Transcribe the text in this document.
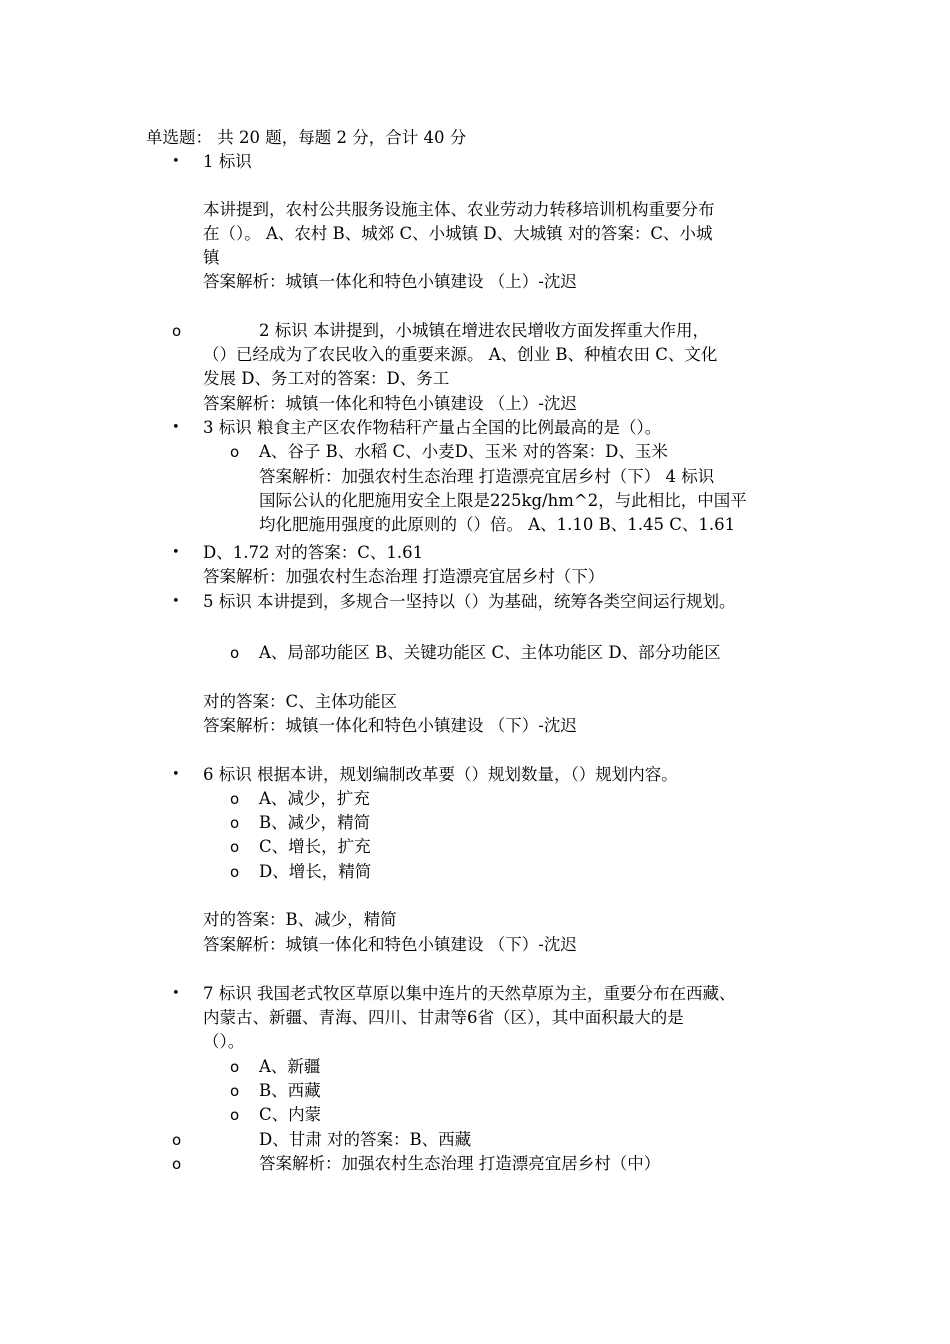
单选题： 共 20 题，每题 2 分，合计 40 分
• 1 标识
本讲提到，农村公共服务设施主体、农业劳动力转移培训机构重要分布
在（）。 A、农村 B、城郊 C、小城镇 D、大城镇 对的答案：C、小城
镇
答案解析：城镇一体化和特色小镇建设 （上）-沈迟
o	2 标识 本讲提到，小城镇在增进农民增收方面发挥重大作用，
（）已经成为了农民收入的重要来源。 A、创业 B、种植农田 C、文化
发展 D、务工对的答案：D、务工
答案解析：城镇一体化和特色小镇建设 （上）-沈迟
• 3 标识 粮食主产区农作物秸秆产量占全国的比例最高的是（）。
o A、谷子 B、水稻 C、小麦D、玉米 对的答案：D、玉米
答案解析：加强农村生态治理 打造漂亮宜居乡村（下） 4 标识
国际公认的化肥施用安全上限是225kg/hm^2，与此相比，中国平
均化肥施用强度的此原则的（）倍。 A、1.10 B、1.45 C、1.61
• D、1.72 对的答案：C、1.61
答案解析：加强农村生态治理 打造漂亮宜居乡村（下）
• 5 标识 本讲提到，多规合一坚持以（）为基础，统筹各类空间运行规划。
o A、局部功能区 B、关键功能区 C、主体功能区 D、部分功能区
对的答案：C、主体功能区
答案解析：城镇一体化和特色小镇建设 （下）-沈迟
• 6 标识 根据本讲，规划编制改革要（）规划数量，（）规划内容。
o A、减少，扩充
o B、减少，精简
o C、增长，扩充
o D、增长，精简
对的答案：B、减少，精简
答案解析：城镇一体化和特色小镇建设 （下）-沈迟
• 7 标识 我国老式牧区草原以集中连片的天然草原为主，重要分布在西藏、
内蒙古、新疆、青海、四川、甘肃等6省（区），其中面积最大的是
（）。
o A、新疆
o B、西藏
o C、内蒙
o	D、甘肃 对的答案：B、西藏
o	答案解析：加强农村生态治理 打造漂亮宜居乡村（中）
